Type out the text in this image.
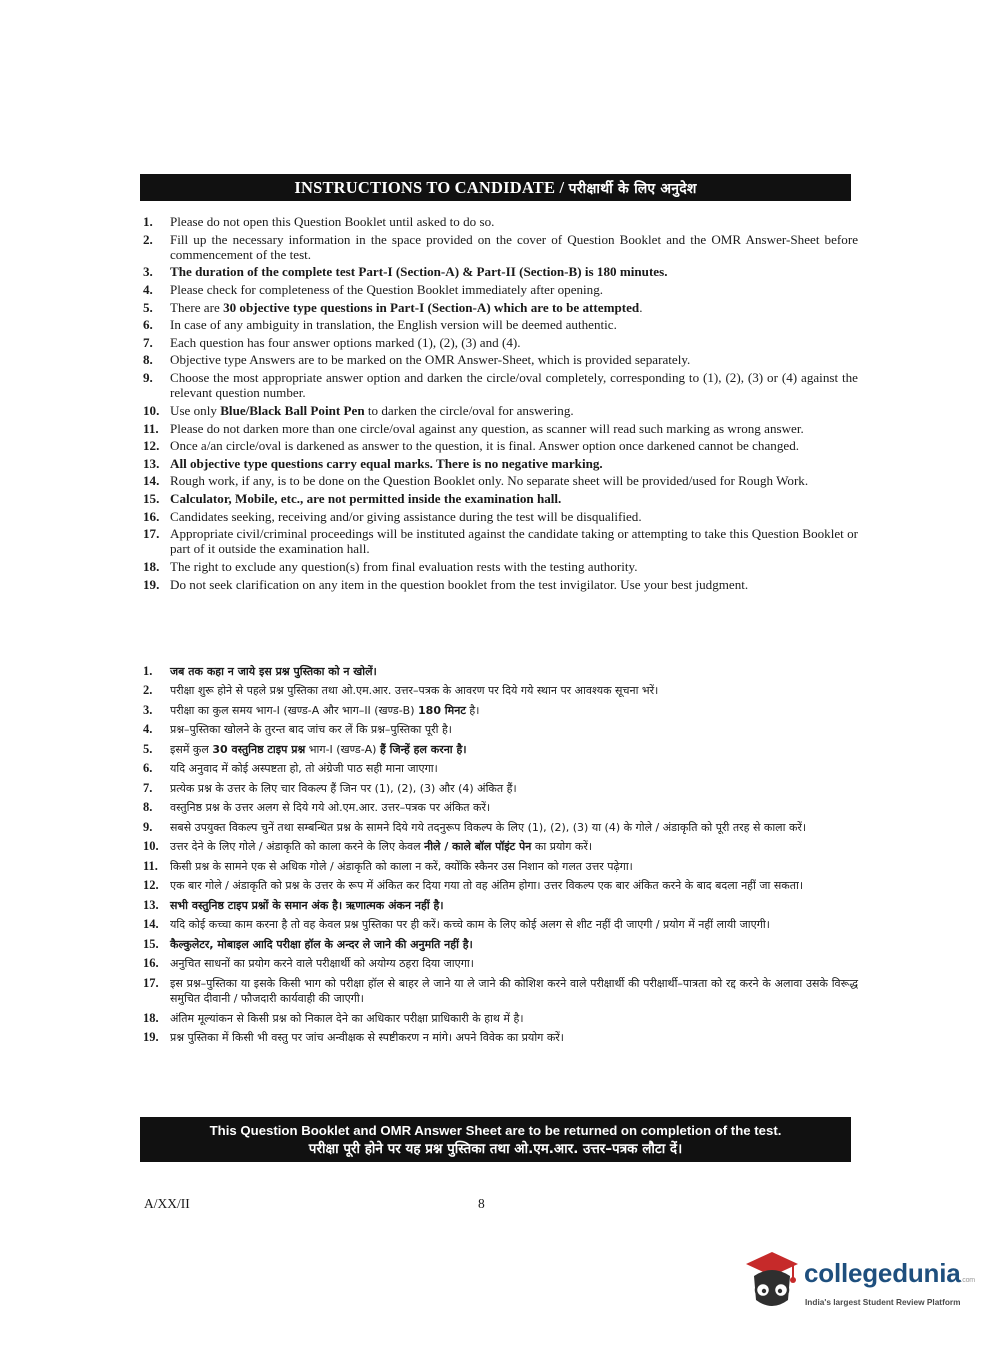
INSTRUCTIONS TO CANDIDATE / परीक्षार्थी के लिए अनुदेश
1.	Please do not open this Question Booklet until asked to do so.
2.	Fill up the necessary information in the space provided on the cover of Question Booklet and the OMR Answer-Sheet before commencement of the test.
3.	The duration of the complete test Part-I (Section-A) & Part-II (Section-B) is 180 minutes.
4.	Please check for completeness of the Question Booklet immediately after opening.
5.	There are 30 objective type questions in Part-I (Section-A) which are to be attempted.
6.	In case of any ambiguity in translation, the English version will be deemed authentic.
7.	Each question has four answer options marked (1), (2), (3) and (4).
8.	Objective type Answers are to be marked on the OMR Answer-Sheet, which is provided separately.
9.	Choose the most appropriate answer option and darken the circle/oval completely, corresponding to (1), (2), (3) or (4) against the relevant question number.
10. Use only Blue/Black Ball Point Pen to darken the circle/oval for answering.
11. Please do not darken more than one circle/oval against any question, as scanner will read such marking as wrong answer.
12. Once a/an circle/oval is darkened as answer to the question, it is final. Answer option once darkened cannot be changed.
13. All objective type questions carry equal marks. There is no negative marking.
14. Rough work, if any, is to be done on the Question Booklet only. No separate sheet will be provided/used for Rough Work.
15. Calculator, Mobile, etc., are not permitted inside the examination hall.
16. Candidates seeking, receiving and/or giving assistance during the test will be disqualified.
17. Appropriate civil/criminal proceedings will be instituted against the candidate taking or attempting to take this Question Booklet or part of it outside the examination hall.
18. The right to exclude any question(s) from final evaluation rests with the testing authority.
19. Do not seek clarification on any item in the question booklet from the test invigilator. Use your best judgment.
1.	जब तक कहा न जाये इस प्रश्न पुस्तिका को न खोलें।
2.	परीक्षा शुरू होने से पहले प्रश्न पुस्तिका तथा ओ.एम.आर. उत्तर–पत्रक के आवरण पर दिये गये स्थान पर आवश्यक सूचना भरें।
3.	परीक्षा का कुल समय भाग-I (खण्ड-A और भाग–II (खण्ड-B) 180 मिनट है।
4.	प्रश्न–पुस्तिका खोलने के तुरन्त बाद जांच कर लें कि प्रश्न–पुस्तिका पूरी है।
5.	इसमें कुल 30 वस्तुनिष्ठ टाइप प्रश्न भाग-I (खण्ड-A) हैं जिन्हें हल करना है।
6.	यदि अनुवाद में कोई अस्पष्टता हो, तो अंग्रेजी पाठ सही माना जाएगा।
7.	प्रत्येक प्रश्न के उत्तर के लिए चार विकल्प हैं जिन पर (1), (2), (3) और (4) अंकित हैं।
8.	वस्तुनिष्ठ प्रश्न के उत्तर अलग से दिये गये ओ.एम.आर. उत्तर–पत्रक पर अंकित करें।
9.	सबसे उपयुक्त विकल्प चुनें तथा सम्बन्धित प्रश्न के सामने दिये गये तदनुरूप विकल्प के लिए (1), (2), (3) या (4) के गोले / अंडाकृति को पूरी तरह से काला करें।
10.	उत्तर देने के लिए गोले / अंडाकृति को काला करने के लिए केवल नीले / काले बॉल पॉइंट पेन का प्रयोग करें।
11.	किसी प्रश्न के सामने एक से अधिक गोले / अंडाकृति को काला न करें, क्योंकि स्कैनर उस निशान को गलत उत्तर पढ़ेगा।
12.	एक बार गोले / अंडाकृति को प्रश्न के उत्तर के रूप में अंकित कर दिया गया तो वह अंतिम होगा। उत्तर विकल्प एक बार अंकित करने के बाद बदला नहीं जा सकता।
13.	सभी वस्तुनिष्ठ टाइप प्रश्नों के समान अंक है। ऋणात्मक अंकन नहीं है।
14.	यदि कोई कच्चा काम करना है तो वह केवल प्रश्न पुस्तिका पर ही करें। कच्चे काम के लिए कोई अलग से शीट नहीं दी जाएगी / प्रयोग में नहीं लायी जाएगी।
15.	कैल्कुलेटर, मोबाइल आदि परीक्षा हॉल के अन्दर ले जाने की अनुमति नहीं है।
16.	अनुचित साधनों का प्रयोग करने वाले परीक्षार्थी को अयोग्य ठहरा दिया जाएगा।
17.	इस प्रश्न–पुस्तिका या इसके किसी भाग को परीक्षा हॉल से बाहर ले जाने या ले जाने की कोशिश करने वाले परीक्षार्थी की परीक्षार्थी–पात्रता को रद्द करने के अलावा उसके विरूद्ध समुचित दीवानी / फौजदारी कार्यवाही की जाएगी।
18.	अंतिम मूल्यांकन से किसी प्रश्न को निकाल देने का अधिकार परीक्षा प्राधिकारी के हाथ में है।
19.	प्रश्न पुस्तिका में किसी भी वस्तु पर जांच अन्वीक्षक से स्पष्टीकरण न मांगे। अपने विवेक का प्रयोग करें।
This Question Booklet and OMR Answer Sheet are to be returned on completion of the test.
परीक्षा पूरी होने पर यह प्रश्न पुस्तिका तथा ओ.एम.आर. उत्तर–पत्रक लौटा दें।
A/XX/II	8
collegedunia.com
India's largest Student Review Platform
